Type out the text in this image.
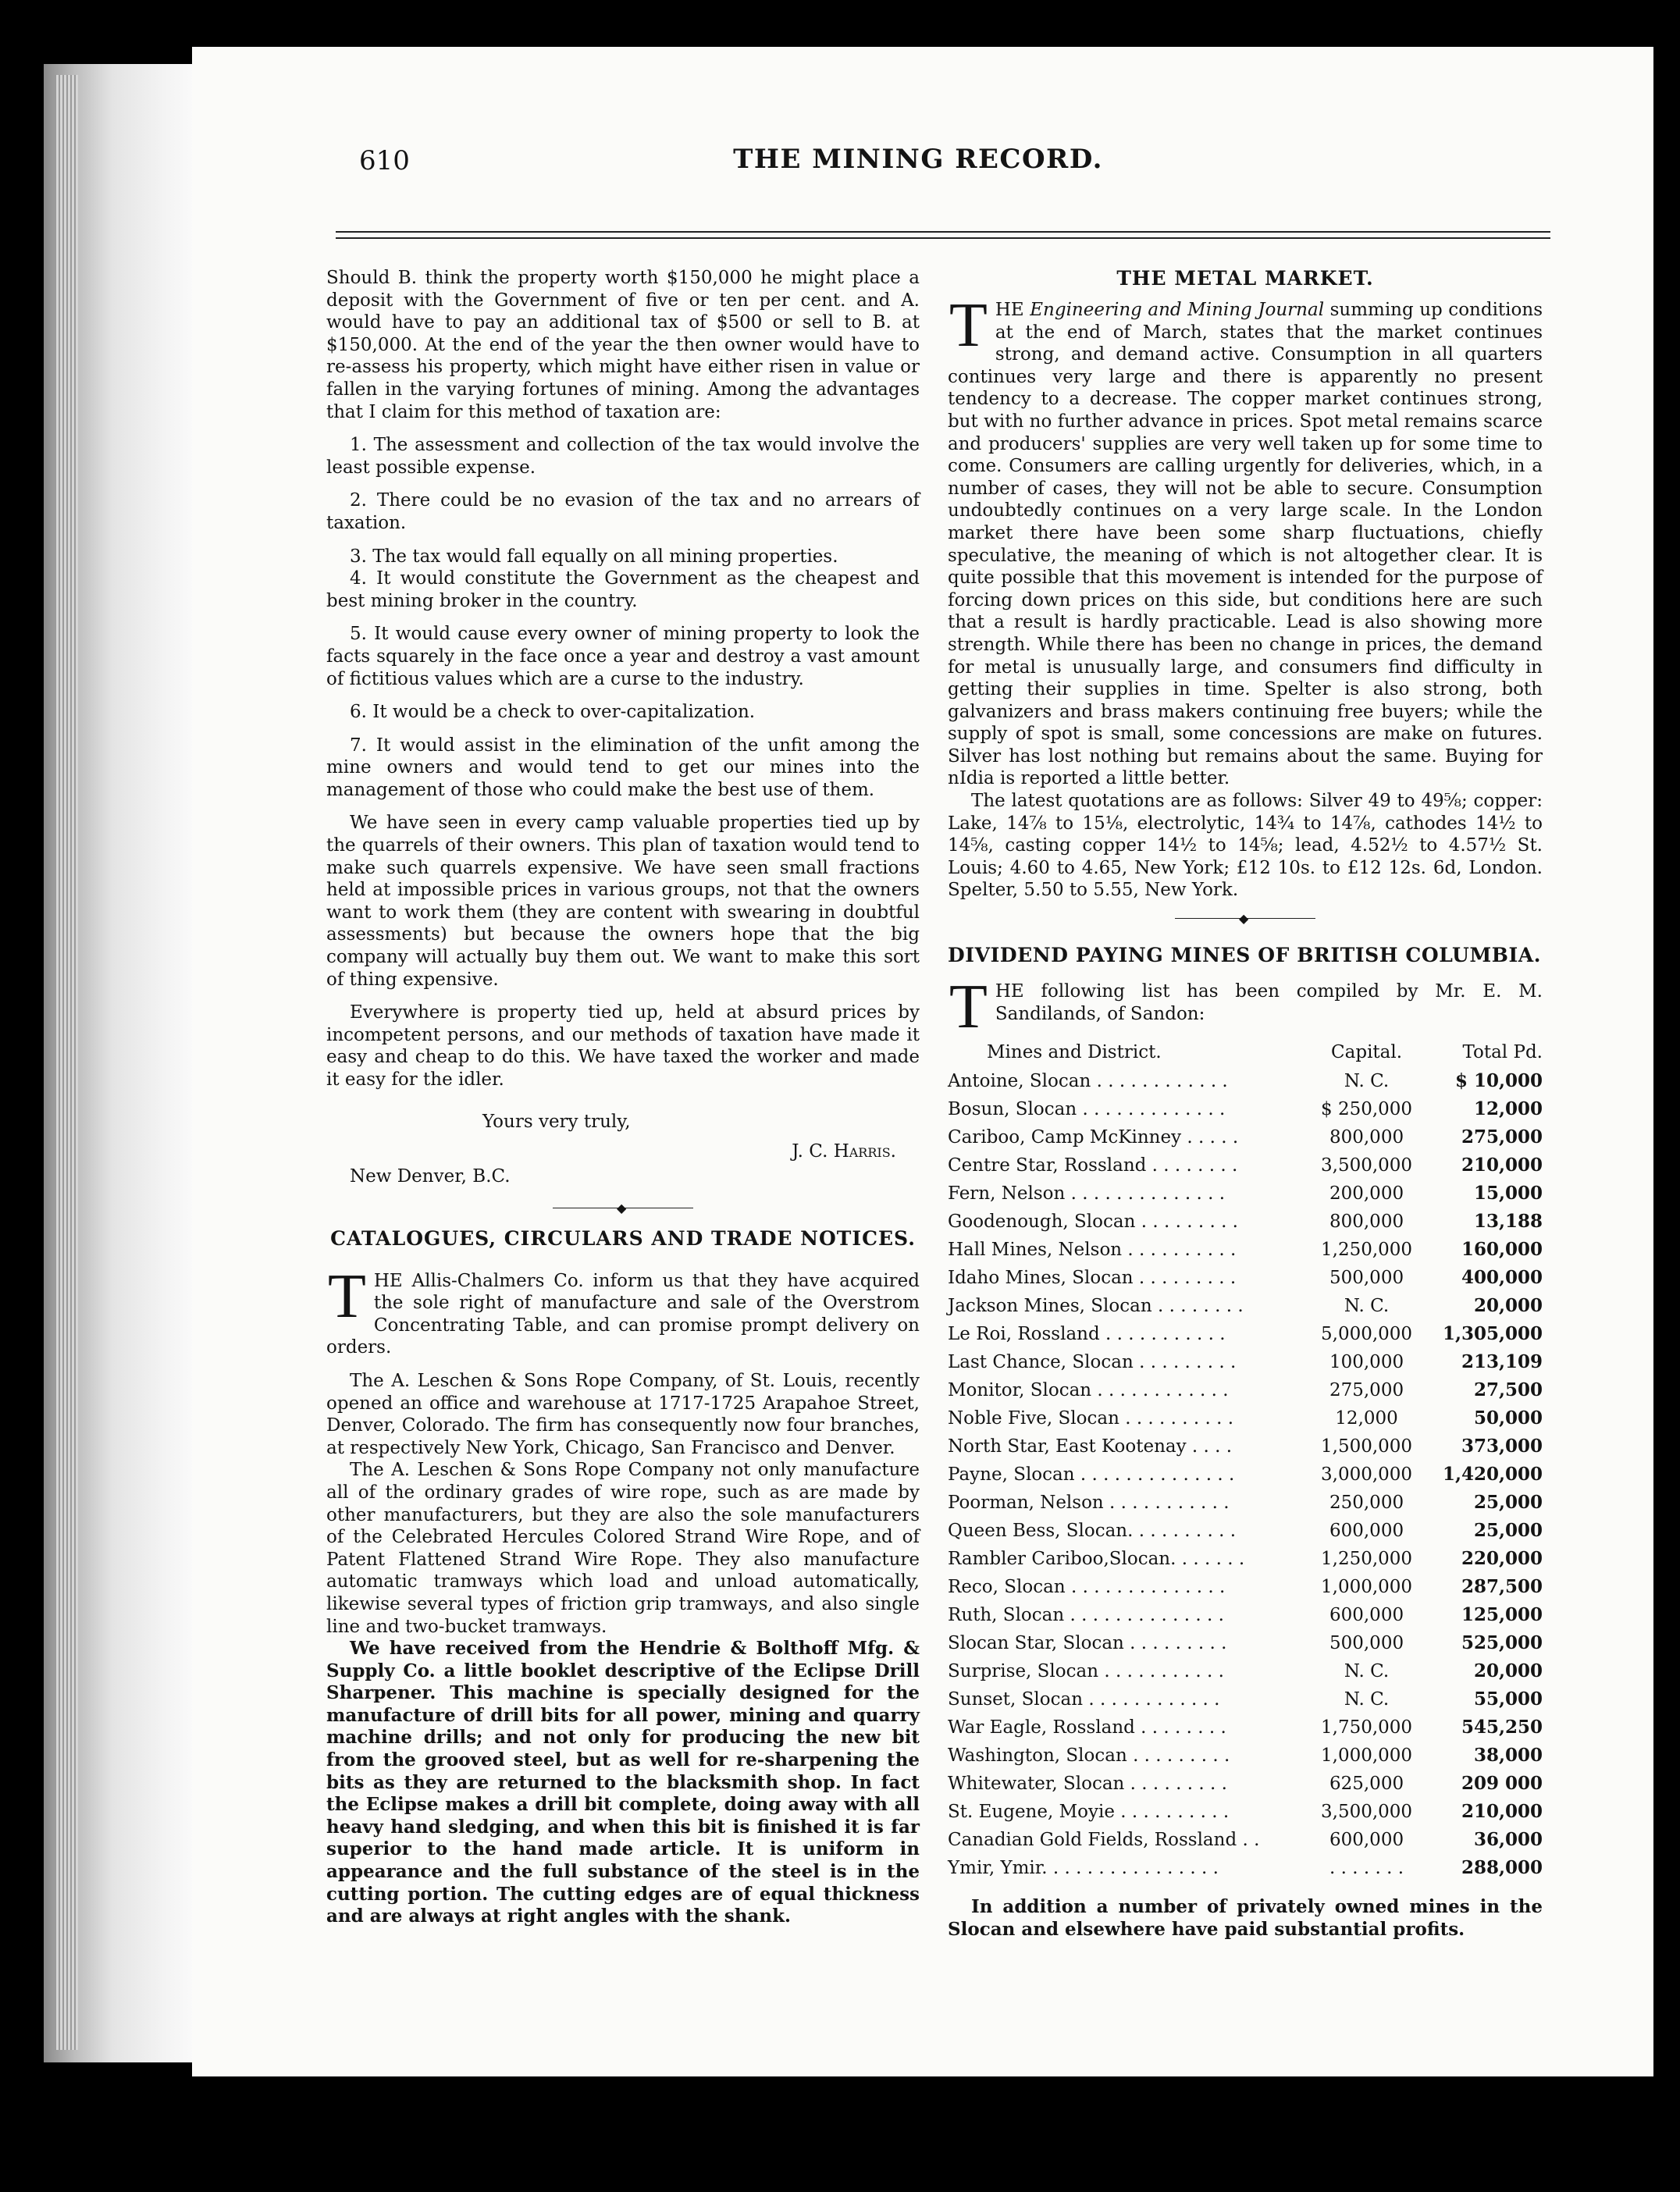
610	THE MINING RECORD.

Should B. think the property worth $150,000 he might place a deposit with the Government of five or ten per cent. and A. would have to pay an additional tax of $500 or sell to B. at $150,000. At the end of the year the then owner would have to re-assess his property, which might have either risen in value or fallen in the varying fortunes of mining. Among the advantages that I claim for this method of taxation are:

1. The assessment and collection of the tax would involve the least possible expense.

2. There could be no evasion of the tax and no arrears of taxation.

3. The tax would fall equally on all mining properties.

4. It would constitute the Government as the cheapest and best mining broker in the country.

5. It would cause every owner of mining property to look the facts squarely in the face once a year and destroy a vast amount of fictitious values which are a curse to the industry.

6. It would be a check to over-capitalization.

7. It would assist in the elimination of the unfit among the mine owners and would tend to get our mines into the management of those who could make the best use of them.

We have seen in every camp valuable properties tied up by the quarrels of their owners. This plan of taxation would tend to make such quarrels expensive. We have seen small fractions held at impossible prices in various groups, not that the owners want to work them (they are content with swearing in doubtful assessments) but because the owners hope that the big company will actually buy them out. We want to make this sort of thing expensive.

Everywhere is property tied up, held at absurd prices by incompetent persons, and our methods of taxation have made it easy and cheap to do this. We have taxed the worker and made it easy for the idler.

Yours very truly,
J. C. Harris.
New Denver, B.C.
◆
CATALOGUES, CIRCULARS AND TRADE NOTICES.

THE Allis-Chalmers Co. inform us that they have acquired the sole right of manufacture and sale of the Overstrom Concentrating Table, and can promise prompt delivery on orders.

The A. Leschen & Sons Rope Company, of St. Louis, recently opened an office and warehouse at 1717-1725 Arapahoe Street, Denver, Colorado. The firm has consequently now four branches, at respectively New York, Chicago, San Francisco and Denver.

The A. Leschen & Sons Rope Company not only manufacture all of the ordinary grades of wire rope, such as are made by other manufacturers, but they are also the sole manufacturers of the Celebrated Hercules Colored Strand Wire Rope, and of Patent Flattened Strand Wire Rope. They also manufacture automatic tramways which load and unload automatically, likewise several types of friction grip tramways, and also single line and two-bucket tramways.

We have received from the Hendrie & Bolthoff Mfg. & Supply Co. a little booklet descriptive of the Eclipse Drill Sharpener. This machine is specially designed for the manufacture of drill bits for all power, mining and quarry machine drills; and not only for producing the new bit from the grooved steel, but as well for re-sharpening the bits as they are returned to the blacksmith shop. In fact the Eclipse makes a drill bit complete, doing away with all heavy hand sledging, and when this bit is finished it is far superior to the hand made article. It is uniform in appearance and the full substance of the steel is in the cutting portion. The cutting edges are of equal thickness and are always at right angles with the shank.

THE METAL MARKET.

THE Engineering and Mining Journal summing up conditions at the end of March, states that the market continues strong, and demand active. Consumption in all quarters continues very large and there is apparently no present tendency to a decrease. The copper market continues strong, but with no further advance in prices. Spot metal remains scarce and producers' supplies are very well taken up for some time to come. Consumers are calling urgently for deliveries, which, in a number of cases, they will not be able to secure. Consumption undoubtedly continues on a very large scale. In the London market there have been some sharp fluctuations, chiefly speculative, the meaning of which is not altogether clear. It is quite possible that this movement is intended for the purpose of forcing down prices on this side, but conditions here are such that a result is hardly practicable. Lead is also showing more strength. While there has been no change in prices, the demand for metal is unusually large, and consumers find difficulty in getting their supplies in time. Spelter is also strong, both galvanizers and brass makers continuing free buyers; while the supply of spot is small, some concessions are make on futures. Silver has lost nothing but remains about the same. Buying for nIdia is reported a little better.

The latest quotations are as follows: Silver 49 to 49⅝; copper: Lake, 14⅞ to 15⅛, electrolytic, 14¾ to 14⅞, cathodes 14½ to 14⅝, casting copper 14½ to 14⅝; lead, 4.52½ to 4.57½ St. Louis; 4.60 to 4.65, New York; £12 10s. to £12 12s. 6d, London. Spelter, 5.50 to 5.55, New York.

◆
DIVIDEND PAYING MINES OF BRITISH COLUMBIA.

THE following list has been compiled by Mr. E. M. Sandilands, of Sandon:

Mines and District.	Capital.	Total Pd.
Antoine, Slocan . . . . . . . . . . . .	N. C.	$ 10,000
Bosun, Slocan . . . . . . . . . . . . .	$ 250,000	12,000
Cariboo, Camp McKinney . . . . .	800,000	275,000
Centre Star, Rossland . . . . . . . .	3,500,000	210,000
Fern, Nelson . . . . . . . . . . . . . .	200,000	15,000
Goodenough, Slocan . . . . . . . . .	800,000	13,188
Hall Mines, Nelson . . . . . . . . . .	1,250,000	160,000
Idaho Mines, Slocan . . . . . . . . .	500,000	400,000
Jackson Mines, Slocan . . . . . . . .	N. C.	20,000
Le Roi, Rossland . . . . . . . . . . .	5,000,000	1,305,000
Last Chance, Slocan . . . . . . . . .	100,000	213,109
Monitor, Slocan . . . . . . . . . . . .	275,000	27,500
Noble Five, Slocan . . . . . . . . . .	12,000	50,000
North Star, East Kootenay . . . .	1,500,000	373,000
Payne, Slocan . . . . . . . . . . . . . .	3,000,000	1,420,000
Poorman, Nelson . . . . . . . . . . .	250,000	25,000
Queen Bess, Slocan. . . . . . . . . .	600,000	25,000
Rambler Cariboo,Slocan. . . . . . .	1,250,000	220,000
Reco, Slocan . . . . . . . . . . . . . .	1,000,000	287,500
Ruth, Slocan . . . . . . . . . . . . . .	600,000	125,000
Slocan Star, Slocan . . . . . . . . .	500,000	525,000
Surprise, Slocan . . . . . . . . . . .	N. C.	20,000
Sunset, Slocan . . . . . . . . . . . .	N. C.	55,000
War Eagle, Rossland . . . . . . . .	1,750,000	545,250
Washington, Slocan . . . . . . . . .	1,000,000	38,000
Whitewater, Slocan . . . . . . . . .	625,000	209 000
St. Eugene, Moyie . . . . . . . . . .	3,500,000	210,000
Canadian Gold Fields, Rossland . .	600,000	36,000
Ymir, Ymir. . . . . . . . . . . . . . . .	. . . . . . .	288,000

In addition a number of privately owned mines in the Slocan and elsewhere have paid substantial profits.
